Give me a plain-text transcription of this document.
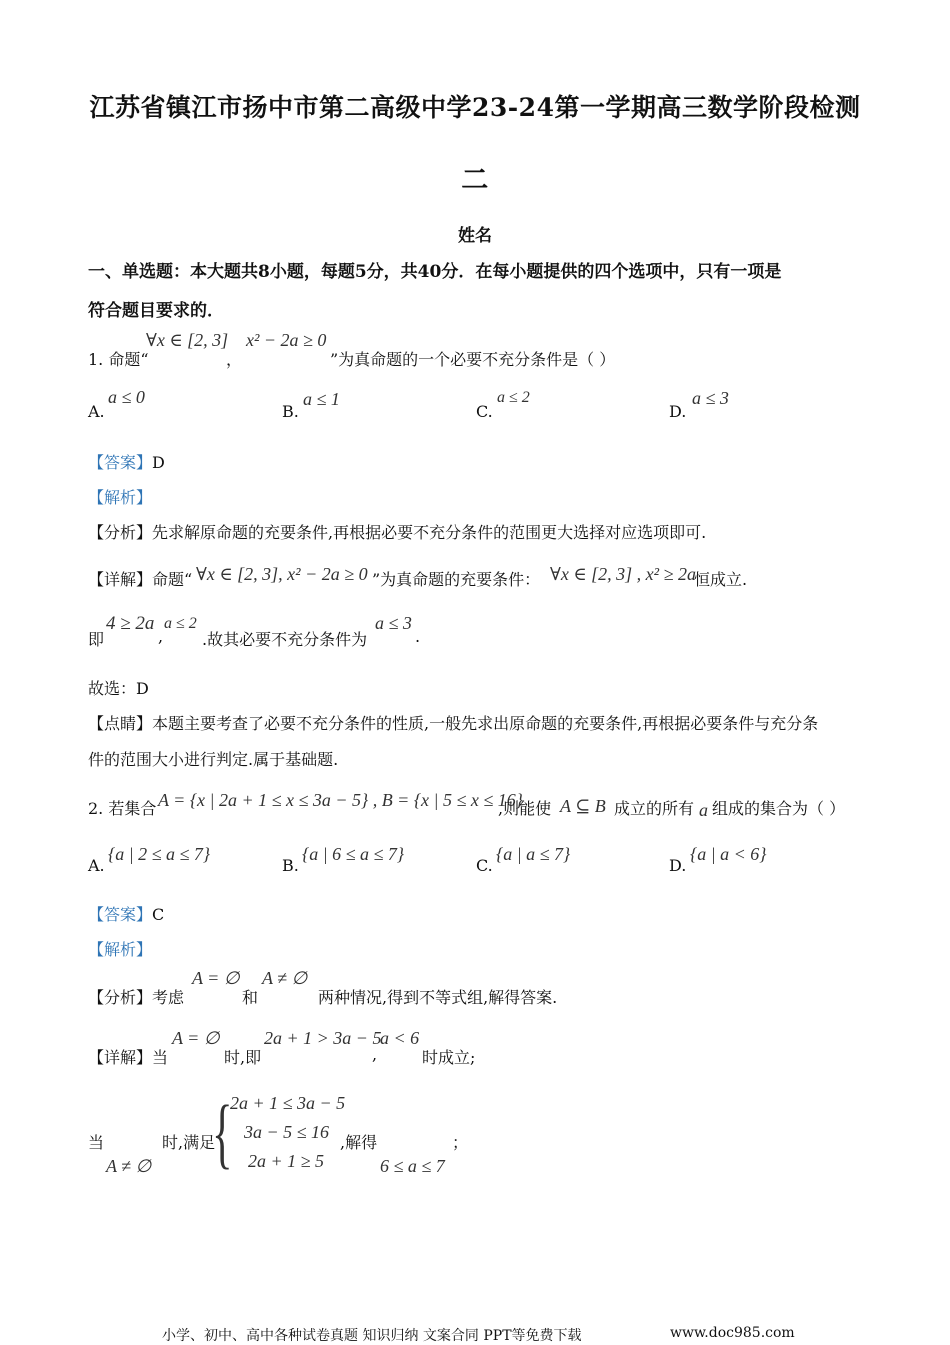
江苏省镇江市扬中市第二高级中学23-24第一学期高三数学阶段检测
二
姓名
一、单选题：本大题共8小题，每题5分，共40分．在每小题提供的四个选项中，只有一项是
符合题目要求的．
1. 命题“
∀x ∈ [2, 3]
，
x² − 2a ≥ 0
”为真命题的一个必要不充分条件是（ ）
A.
a ≤ 0
B.
a ≤ 1
C.
a ≤ 2
D.
a ≤ 3
【答案】D
【解析】
【分析】先求解原命题的充要条件,再根据必要不充分条件的范围更大选择对应选项即可.
【详解】 命题“ ∀x ∈ [2, 3], x² − 2a ≥ 0 ”为真命题的充要条件： ∀x ∈ [2, 3] , x² ≥ 2a
恒成立.
即
4 ≥ 2a
,
a ≤ 2
.故其必要不充分条件为
a ≤ 3
.
故选：D
【点睛】本题主要考查了必要不充分条件的性质,一般先求出原命题的充要条件,再根据必要条件与充分条
件的范围大小进行判定.属于基础题.
2. 若集合 A = {x | 2a + 1 ≤ x ≤ 3a − 5} , B = {x | 5 ≤ x ≤ 16}
,则能使 A ⊆ B 成立的所有 a 组成的集合为（ ）
A.
{a | 2 ≤ a ≤ 7}
B.
{a | 6 ≤ a ≤ 7}
C.
{a | a ≤ 7}
D.
{a | a < 6}
【答案】C
【解析】
【分析】 考虑
A = ∅
和
A ≠ ∅
两种情况,得到不等式组,解得答案.
【详解】 当
A = ∅
时,即
2a + 1 > 3a − 5
,
a < 6
时成立;
当
A ≠ ∅
时,满足
{
2a + 1 ≤ 3a − 5
3a − 5 ≤ 16
2a + 1 ≥ 5
,解得
6 ≤ a ≤ 7
；
小学、初中、高中各种试卷真题 知识归纳 文案合同 PPT等免费下载	www.doc985.com
